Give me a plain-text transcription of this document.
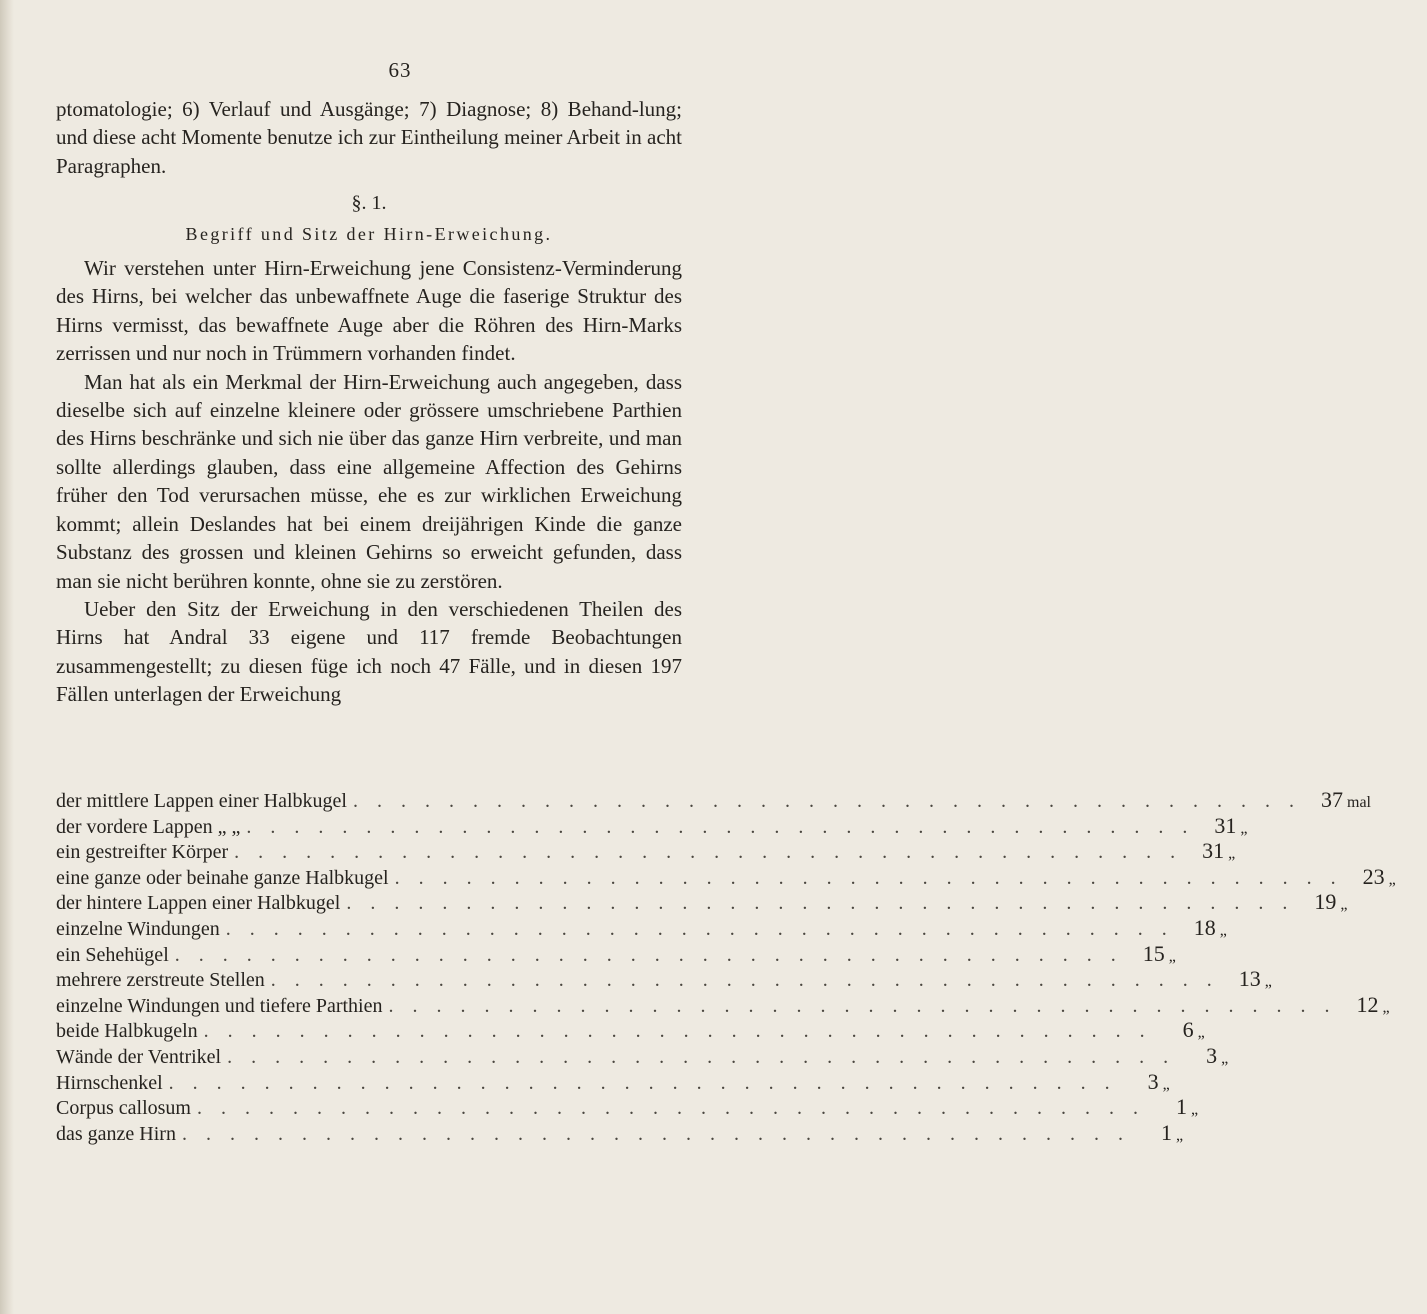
63

ptomatologie; 6) Verlauf und Ausgänge; 7) Diagnose; 8) Behand-lung; und diese acht Momente benutze ich zur Eintheilung meiner Arbeit in acht Paragraphen.

§. 1.
Begriff und Sitz der Hirn-Erweichung.

Wir verstehen unter Hirn-Erweichung jene Consistenz-Verminderung des Hirns, bei welcher das unbewaffnete Auge die faserige Struktur des Hirns vermisst, das bewaffnete Auge aber die Röhren des Hirn-Marks zerrissen und nur noch in Trümmern vorhanden findet.

Man hat als ein Merkmal der Hirn-Erweichung auch angegeben, dass dieselbe sich auf einzelne kleinere oder grössere umschriebene Parthien des Hirns beschränke und sich nie über das ganze Hirn verbreite, und man sollte allerdings glauben, dass eine allgemeine Affection des Gehirns früher den Tod verursachen müsse, ehe es zur wirklichen Erweichung kommt; allein Deslandes hat bei einem dreijährigen Kinde die ganze Substanz des grossen und kleinen Gehirns so erweicht gefunden, dass man sie nicht berühren konnte, ohne sie zu zerstören.

Ueber den Sitz der Erweichung in den verschiedenen Theilen des Hirns hat Andral 33 eigene und 117 fremde Beobachtungen zusammengestellt; zu diesen füge ich noch 47 Fälle, und in diesen 197 Fällen unterlagen der Erweichung

der mittlere Lappen einer Halbkugel . . . . . . . . . . . . . . . . . . . . . . . . . . . . . . . . . . . . . . . . 37 mal
der vordere Lappen „ „ . . . . . . . . . . . . . . . . . . . . . . . . . . . . . . . . . . . . . . . . 31 „
ein gestreifter Körper . . . . . . . . . . . . . . . . . . . . . . . . . . . . . . . . . . . . . . . . 31 „
eine ganze oder beinahe ganze Halbkugel . . . . . . . . . . . . . . . . . . . . . . . . . . . . . . . . . . . . . . . . 23 „
der hintere Lappen einer Halbkugel . . . . . . . . . . . . . . . . . . . . . . . . . . . . . . . . . . . . . . . . 19 „
einzelne Windungen . . . . . . . . . . . . . . . . . . . . . . . . . . . . . . . . . . . . . . . . 18 „
ein Sehehügel . . . . . . . . . . . . . . . . . . . . . . . . . . . . . . . . . . . . . . . . 15 „
mehrere zerstreute Stellen . . . . . . . . . . . . . . . . . . . . . . . . . . . . . . . . . . . . . . . . 13 „
einzelne Windungen und tiefere Parthien . . . . . . . . . . . . . . . . . . . . . . . . . . . . . . . . . . . . . . . . 12 „
beide Halbkugeln . . . . . . . . . . . . . . . . . . . . . . . . . . . . . . . . . . . . . . . .	6 „
Wände der Ventrikel . . . . . . . . . . . . . . . . . . . . . . . . . . . . . . . . . . . . . . . .	3 „
Hirnschenkel . . . . . . . . . . . . . . . . . . . . . . . . . . . . . . . . . . . . . . . .	3 „
Corpus callosum . . . . . . . . . . . . . . . . . . . . . . . . . . . . . . . . . . . . . . . .	1 „
das ganze Hirn . . . . . . . . . . . . . . . . . . . . . . . . . . . . . . . . . . . . . . . .	1 „
